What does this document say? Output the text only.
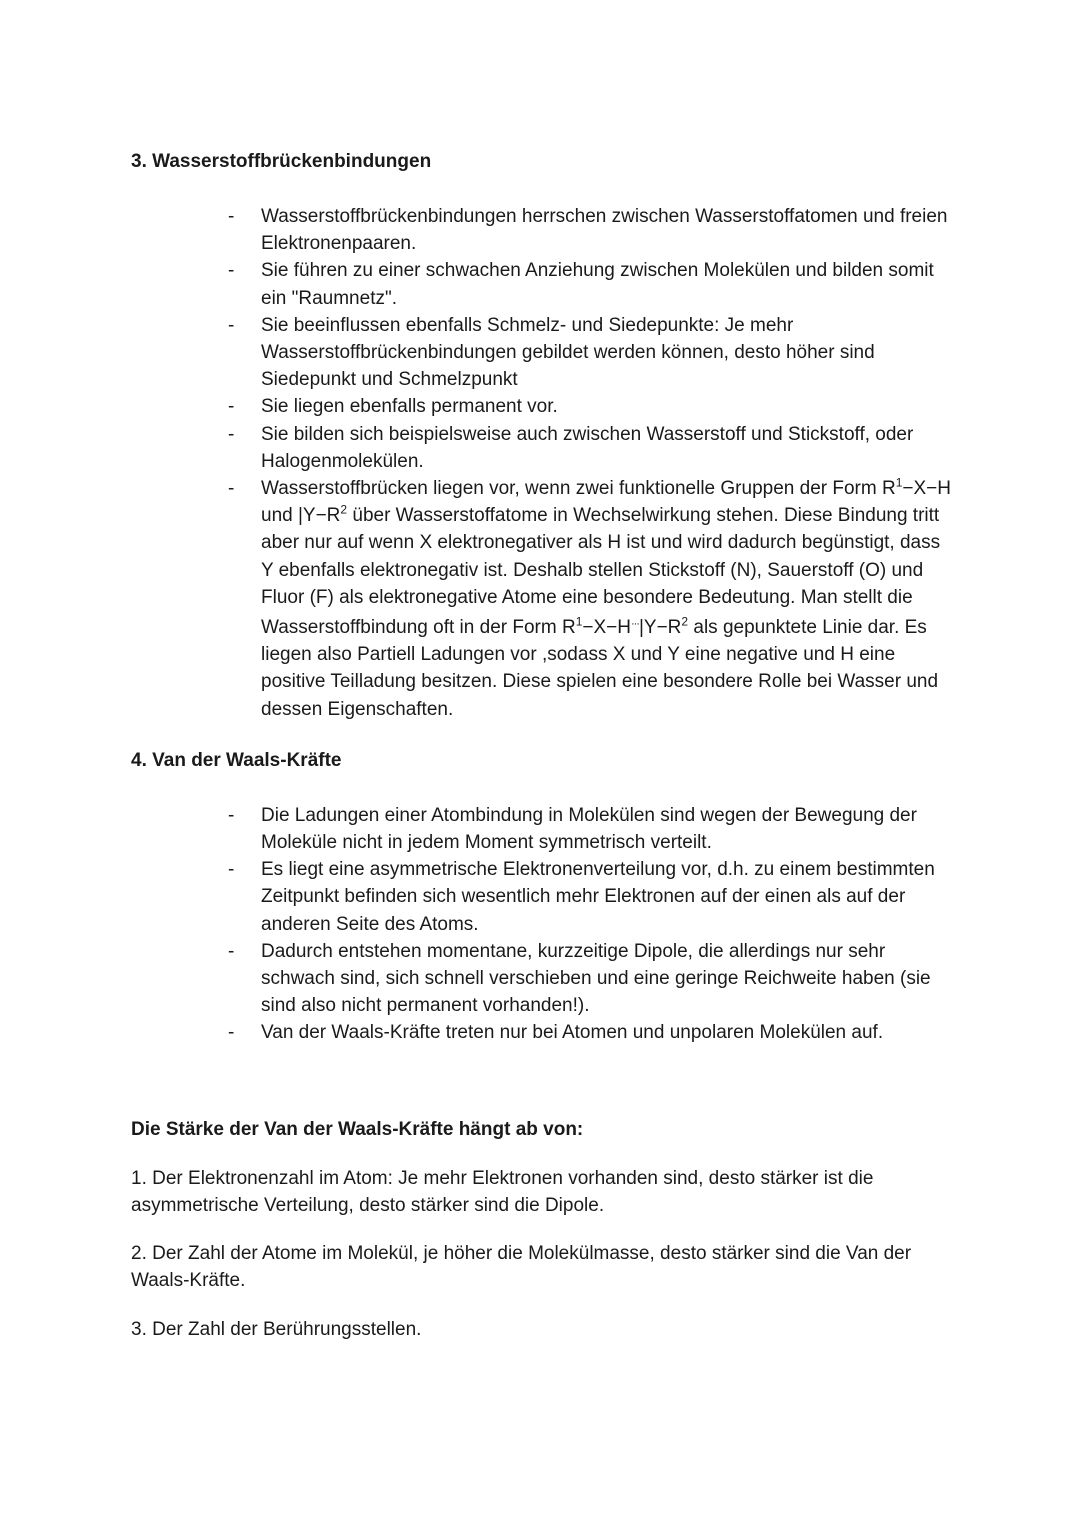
3. Wasserstoffbrückenbindungen
- Wasserstoffbrückenbindungen herrschen zwischen Wasserstoffatomen und freien Elektronenpaaren.
- Sie führen zu einer schwachen Anziehung zwischen Molekülen und bilden somit ein "Raumnetz".
- Sie beeinflussen ebenfalls Schmelz- und Siedepunkte: Je mehr Wasserstoffbrückenbindungen gebildet werden können, desto höher sind Siedepunkt und Schmelzpunkt
- Sie liegen ebenfalls permanent vor.
- Sie bilden sich beispielsweise auch zwischen Wasserstoff und Stickstoff, oder Halogenmolekülen.
- Wasserstoffbrücken liegen vor, wenn zwei funktionelle Gruppen der Form $R^1-X-H$ und $|Y-R^2$ über Wasserstoffatome in Wechselwirkung stehen. Diese Bindung tritt aber nur auf wenn X elektronegativer als H ist und wird dadurch begünstigt, dass Y ebenfalls elektronegativ ist. Deshalb stellen Stickstoff (N), Sauerstoff (O) und Fluor (F) als elektronegative Atome eine besondere Bedeutung. Man stellt die Wasserstoffbindung oft in der Form $R^1-X-H^{\cdot\cdot\cdot}|Y-R^2$ als gepunktete Linie dar. Es liegen also Partiell Ladungen vor ,sodass X und Y eine negative und H eine positive Teilladung besitzen. Diese spielen eine besondere Rolle bei Wasser und dessen Eigenschaften.
4. Van der Waals-Kräfte
- Die Ladungen einer Atombindung in Molekülen sind wegen der Bewegung der Moleküle nicht in jedem Moment symmetrisch verteilt.
- Es liegt eine asymmetrische Elektronenverteilung vor, d.h. zu einem bestimmten Zeitpunkt befinden sich wesentlich mehr Elektronen auf der einen als auf der anderen Seite des Atoms.
- Dadurch entstehen momentane, kurzzeitige Dipole, die allerdings nur sehr schwach sind, sich schnell verschieben und eine geringe Reichweite haben (sie sind also nicht permanent vorhanden!).
- Van der Waals-Kräfte treten nur bei Atomen und unpolaren Molekülen auf.
Die Stärke der Van der Waals-Kräfte hängt ab von:

1. Der Elektronenzahl im Atom: Je mehr Elektronen vorhanden sind, desto stärker ist die asymmetrische Verteilung, desto stärker sind die Dipole.

2. Der Zahl der Atome im Molekül, je höher die Molekülmasse, desto stärker sind die Van der Waals-Kräfte.

3. Der Zahl der Berührungsstellen.
